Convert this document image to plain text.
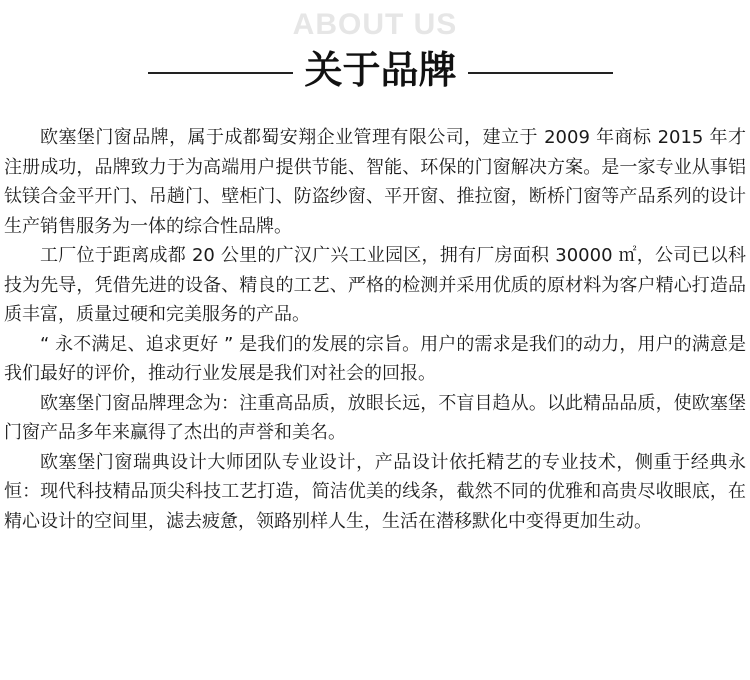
ABOUT US
关于品牌

欧塞堡门窗品牌，属于成都蜀安翔企业管理有限公司，建立于 2009 年商标 2015 年才注册成功，品牌致力于为高端用户提供节能、智能、环保的门窗解决方案。是一家专业从事铝钛镁合金平开门、吊趟门、壁柜门、防盗纱窗、平开窗、推拉窗，断桥门窗等产品系列的设计生产销售服务为一体的综合性品牌。

工厂位于距离成都 20 公里的广汉广兴工业园区，拥有厂房面积 30000 ㎡，公司已以科技为先导，凭借先进的设备、精良的工艺、严格的检测并采用优质的原材料为客户精心打造品质丰富，质量过硬和完美服务的产品。

“ 永不满足、追求更好 ” 是我们的发展的宗旨。用户的需求是我们的动力，用户的满意是我们最好的评价，推动行业发展是我们对社会的回报。

欧塞堡门窗品牌理念为：注重高品质，放眼长远，不盲目趋从。以此精品品质，使欧塞堡门窗产品多年来赢得了杰出的声誉和美名。

欧塞堡门窗瑞典设计大师团队专业设计，产品设计依托精艺的专业技术，侧重于经典永恒：现代科技精品顶尖科技工艺打造，简洁优美的线条，截然不同的优雅和高贵尽收眼底，在精心设计的空间里，滤去疲惫，领路别样人生，生活在潜移默化中变得更加生动。
